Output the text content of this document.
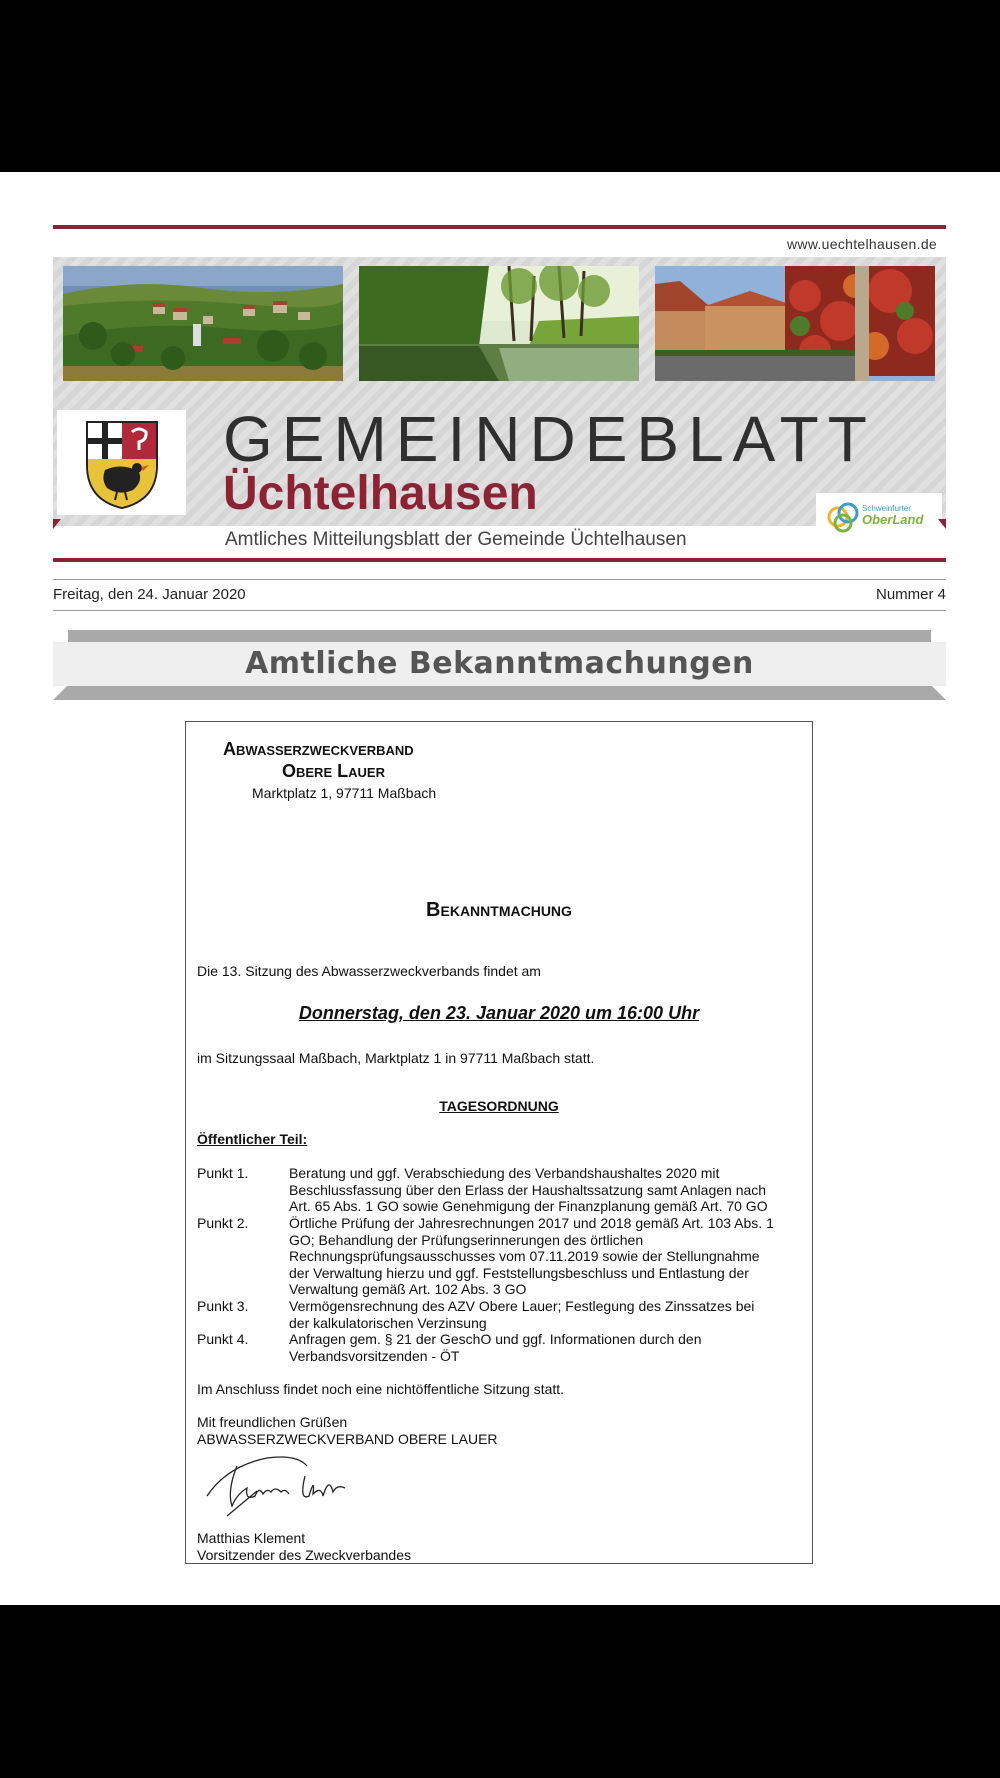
www.uechtelhausen.de
GEMEINDEBLATT
Üchtelhausen
Amtliches Mitteilungsblatt der Gemeinde Üchtelhausen
Schweinfurter
OberLand
Freitag, den 24. Januar 2020	Nummer 4
Amtliche Bekanntmachungen
Abwasserzweckverband
Obere Lauer
Marktplatz 1, 97711 Maßbach
Bekanntmachung
Die 13. Sitzung des Abwasserzweckverbands findet am
Donnerstag, den 23. Januar 2020 um 16:00 Uhr
im Sitzungssaal Maßbach, Marktplatz 1 in 97711 Maßbach statt.
TAGESORDNUNG
Öffentlicher Teil:
Punkt 1.	Beratung und ggf. Verabschiedung des Verbandshaushaltes 2020 mit
Beschlussfassung über den Erlass der Haushaltssatzung samt Anlagen nach
Art. 65 Abs. 1 GO sowie Genehmigung der Finanzplanung gemäß Art. 70 GO
Punkt 2.	Örtliche Prüfung der Jahresrechnungen 2017 und 2018 gemäß Art. 103 Abs. 1
GO; Behandlung der Prüfungserinnerungen des örtlichen
Rechnungsprüfungsausschusses vom 07.11.2019 sowie der Stellungnahme
der Verwaltung hierzu und ggf. Feststellungsbeschluss und Entlastung der
Verwaltung gemäß Art. 102 Abs. 3 GO
Punkt 3.	Vermögensrechnung des AZV Obere Lauer; Festlegung des Zinssatzes bei
der kalkulatorischen Verzinsung
Punkt 4.	Anfragen gem. § 21 der GeschO und ggf. Informationen durch den
Verbandsvorsitzenden - ÖT
Im Anschluss findet noch eine nichtöffentliche Sitzung statt.
Mit freundlichen Grüßen
ABWASSERZWECKVERBAND OBERE LAUER
Matthias Klement
Vorsitzender des Zweckverbandes
